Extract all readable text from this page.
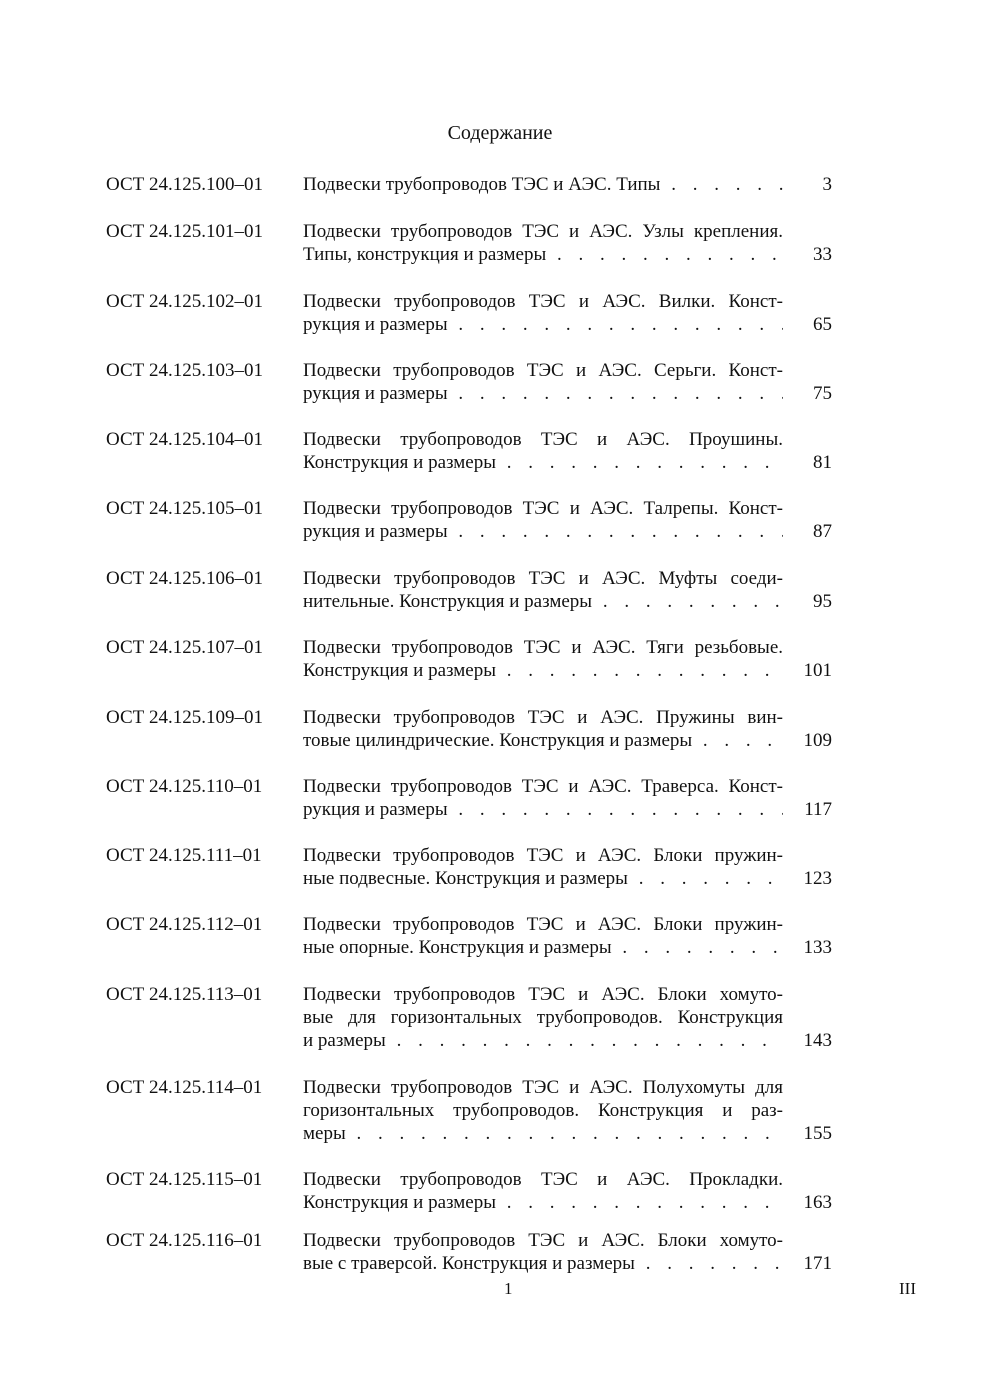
Содержание
ОСТ 24.125.100–01 Подвески трубопроводов ТЭС и АЭС. Типы . . .	3
ОСТ 24.125.101–01 Подвески трубопроводов ТЭС и АЭС. Узлы крепления.
Типы, конструкция и размеры . . .	33
ОСТ 24.125.102–01 Подвески трубопроводов ТЭС и АЭС. Вилки. Конст-
рукция и размеры . . .	65
ОСТ 24.125.103–01 Подвески трубопроводов ТЭС и АЭС. Серьги. Конст-
рукция и размеры . . .	75
ОСТ 24.125.104–01 Подвески трубопроводов ТЭС и АЭС. Проушины.
Конструкция и размеры . . .	81
ОСТ 24.125.105–01 Подвески трубопроводов ТЭС и АЭС. Талрепы. Конст-
рукция и размеры . . .	87
ОСТ 24.125.106–01 Подвески трубопроводов ТЭС и АЭС. Муфты соеди-
нительные. Конструкция и размеры . . .	95
ОСТ 24.125.107–01 Подвески трубопроводов ТЭС и АЭС. Тяги резьбовые.
Конструкция и размеры . . .	101
ОСТ 24.125.109–01 Подвески трубопроводов ТЭС и АЭС. Пружины вин-
товые цилиндрические. Конструкция и размеры . . .	109
ОСТ 24.125.110–01 Подвески трубопроводов ТЭС и АЭС. Траверса. Конст-
рукция и размеры . . .	117
ОСТ 24.125.111–01 Подвески трубопроводов ТЭС и АЭС. Блоки пружин-
ные подвесные. Конструкция и размеры . . .	123
ОСТ 24.125.112–01 Подвески трубопроводов ТЭС и АЭС. Блоки пружин-
ные опорные. Конструкция и размеры . . .	133
ОСТ 24.125.113–01 Подвески трубопроводов ТЭС и АЭС. Блоки хомуто-
вые для горизонтальных трубопроводов. Конструкция
и размеры . . .	143
ОСТ 24.125.114–01 Подвески трубопроводов ТЭС и АЭС. Полухомуты для
горизонтальных трубопроводов. Конструкция и раз-
меры . . .	155
ОСТ 24.125.115–01 Подвески трубопроводов ТЭС и АЭС. Прокладки.
Конструкция и размеры . . .	163
ОСТ 24.125.116–01 Подвески трубопроводов ТЭС и АЭС. Блоки хомуто-
вые с траверсой. Конструкция и размеры . . .	171
1	III
